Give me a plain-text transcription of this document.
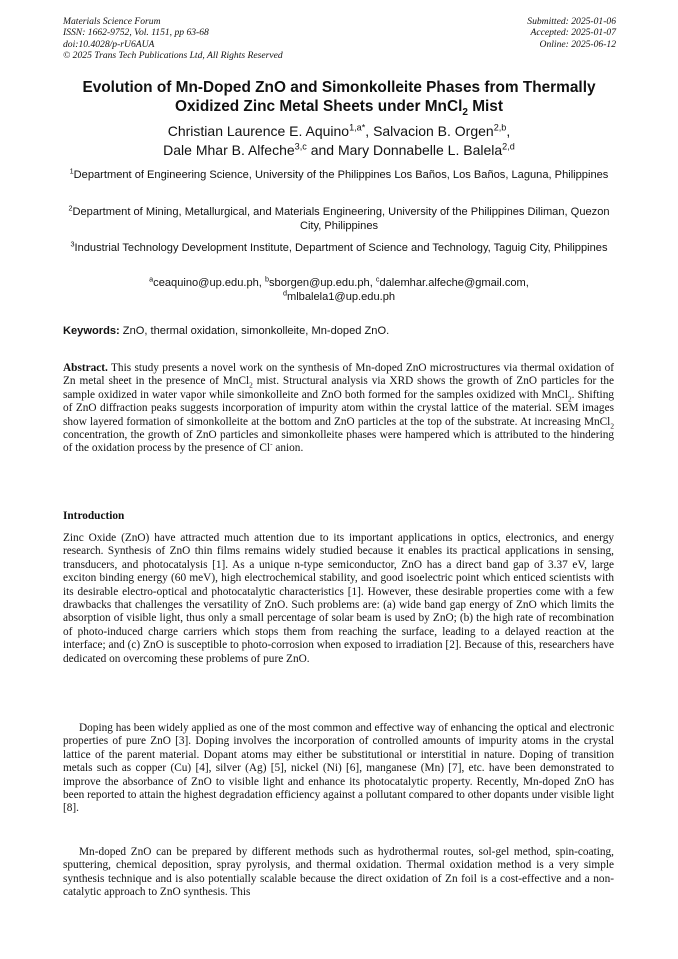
Materials Science Forum
ISSN: 1662-9752, Vol. 1151, pp 63-68
doi:10.4028/p-rU6AUA
© 2025 Trans Tech Publications Ltd, All Rights Reserved
Submitted: 2025-01-06
Accepted: 2025-01-07
Online: 2025-06-12
Evolution of Mn-Doped ZnO and Simonkolleite Phases from Thermally
Oxidized Zinc Metal Sheets under MnCl$_2$ Mist
Christian Laurence E. Aquino$^{1,a*}$, Salvacion B. Orgen$^{2,b}$,
Dale Mhar B. Alfeche$^{3,c}$ and Mary Donnabelle L. Balela$^{2,d}$
$^1$Department of Engineering Science, University of the Philippines Los Baños, Los Baños, Laguna, Philippines
$^2$Department of Mining, Metallurgical, and Materials Engineering, University of the Philippines Diliman, Quezon City, Philippines
$^3$Industrial Technology Development Institute, Department of Science and Technology, Taguig City, Philippines
$^a$ceaquino@up.edu.ph, $^b$sborgen@up.edu.ph, $^c$dalemhar.alfeche@gmail.com,
$^d$mlbalela1@up.edu.ph
Keywords: ZnO, thermal oxidation, simonkolleite, Mn-doped ZnO.

Abstract. This study presents a novel work on the synthesis of Mn-doped ZnO microstructures via thermal oxidation of Zn metal sheet in the presence of MnCl$_2$ mist. Structural analysis via XRD shows the growth of ZnO particles for the sample oxidized in water vapor while simonkolleite and ZnO both formed for the samples oxidized with MnCl$_2$. Shifting of ZnO diffraction peaks suggests incorporation of impurity atom within the crystal lattice of the material. SEM images show layered formation of simonkolleite at the bottom and ZnO particles at the top of the substrate. At increasing MnCl$_2$ concentration, the growth of ZnO particles and simonkolleite phases were hampered which is attributed to the hindering of the oxidation process by the presence of Cl- anion.

Introduction

Zinc Oxide (ZnO) have attracted much attention due to its important applications in optics, electronics, and energy research. Synthesis of ZnO thin films remains widely studied because it enables its practical applications in sensing, transducers, and photocatalysis [1]. As a unique n-type semiconductor, ZnO has a direct band gap of 3.37 eV, large exciton binding energy (60 meV), high electrochemical stability, and good isoelectric point which enticed scientists with its desirable electro-optical and photocatalytic characteristics [1]. However, these desirable properties come with a few drawbacks that challenges the versatility of ZnO. Such problems are: (a) wide band gap energy of ZnO which limits the absorption of visible light, thus only a small percentage of solar beam is used by ZnO; (b) the high rate of recombination of photo-induced charge carriers which stops them from reaching the surface, leading to a delayed reaction at the interface; and (c) ZnO is susceptible to photo-corrosion when exposed to irradiation [2]. Because of this, researchers have dedicated on overcoming these problems of pure ZnO.

Doping has been widely applied as one of the most common and effective way of enhancing the optical and electronic properties of pure ZnO [3]. Doping involves the incorporation of controlled amounts of impurity atoms in the crystal lattice of the parent material. Dopant atoms may either be substitutional or interstitial in nature. Doping of transition metals such as copper (Cu) [4], silver (Ag) [5], nickel (Ni) [6], manganese (Mn) [7], etc. have been demonstrated to improve the absorbance of ZnO to visible light and enhance its photocatalytic property. Recently, Mn-doped ZnO has been reported to attain the highest degradation efficiency against a pollutant compared to other dopants under visible light [8].

Mn-doped ZnO can be prepared by different methods such as hydrothermal routes, sol-gel method, spin-coating, sputtering, chemical deposition, spray pyrolysis, and thermal oxidation. Thermal oxidation method is a very simple synthesis technique and is also potentially scalable because the direct oxidation of Zn foil is a cost-effective and a non-catalytic approach to ZnO synthesis. This
